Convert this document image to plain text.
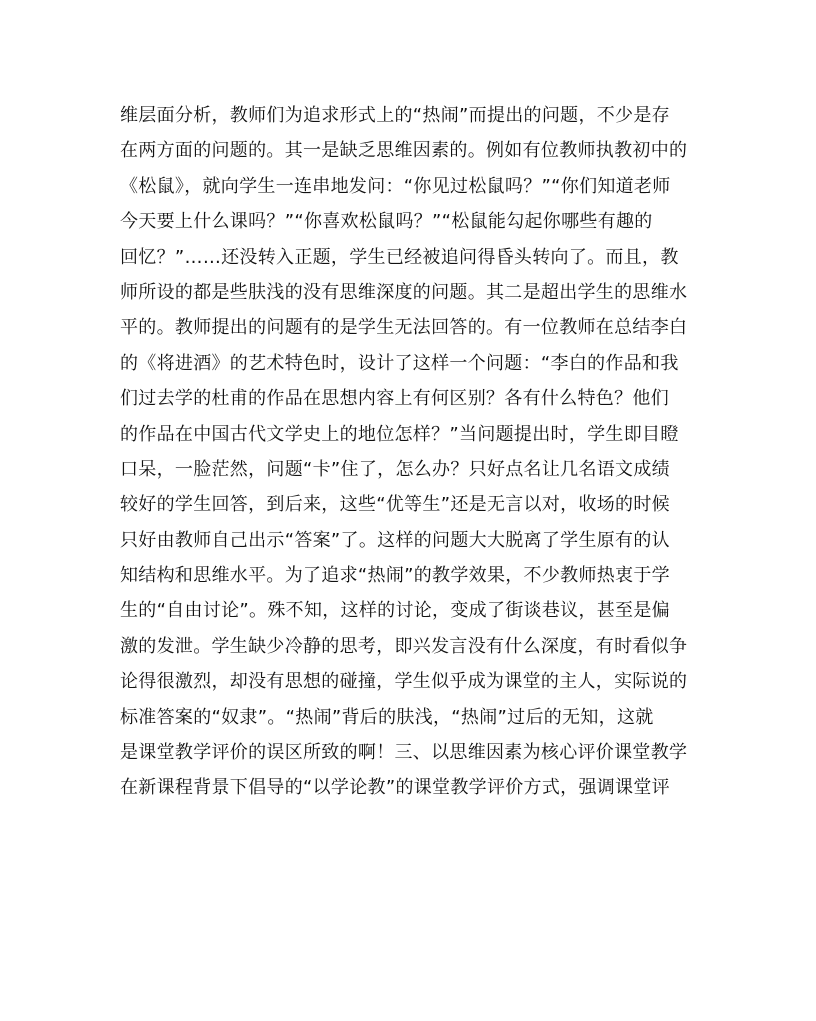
维层面分析，教师们为追求形式上的“热闹”而提出的问题，不少是存
在两方面的问题的。其一是缺乏思维因素的。例如有位教师执教初中的
《松鼠》，就向学生一连串地发问：“你见过松鼠吗？”“你们知道老师
今天要上什么课吗？”“你喜欢松鼠吗？”“松鼠能勾起你哪些有趣的
回忆？”……还没转入正题，学生已经被追问得昏头转向了。而且，教
师所设的都是些肤浅的没有思维深度的问题。其二是超出学生的思维水
平的。教师提出的问题有的是学生无法回答的。有一位教师在总结李白
的《将进酒》的艺术特色时，设计了这样一个问题：“李白的作品和我
们过去学的杜甫的作品在思想内容上有何区别？各有什么特色？他们
的作品在中国古代文学史上的地位怎样？”当问题提出时，学生即目瞪
口呆，一脸茫然，问题“卡”住了，怎么办？只好点名让几名语文成绩
较好的学生回答，到后来，这些“优等生”还是无言以对，收场的时候
只好由教师自己出示“答案”了。这样的问题大大脱离了学生原有的认
知结构和思维水平。为了追求“热闹”的教学效果，不少教师热衷于学
生的“自由讨论”。殊不知，这样的讨论，变成了街谈巷议，甚至是偏
激的发泄。学生缺少冷静的思考，即兴发言没有什么深度，有时看似争
论得很激烈，却没有思想的碰撞，学生似乎成为课堂的主人，实际说的
标准答案的“奴隶”。“热闹”背后的肤浅，“热闹”过后的无知，这就
是课堂教学评价的误区所致的啊！三、以思维因素为核心评价课堂教学
在新课程背景下倡导的“以学论教”的课堂教学评价方式，强调课堂评
